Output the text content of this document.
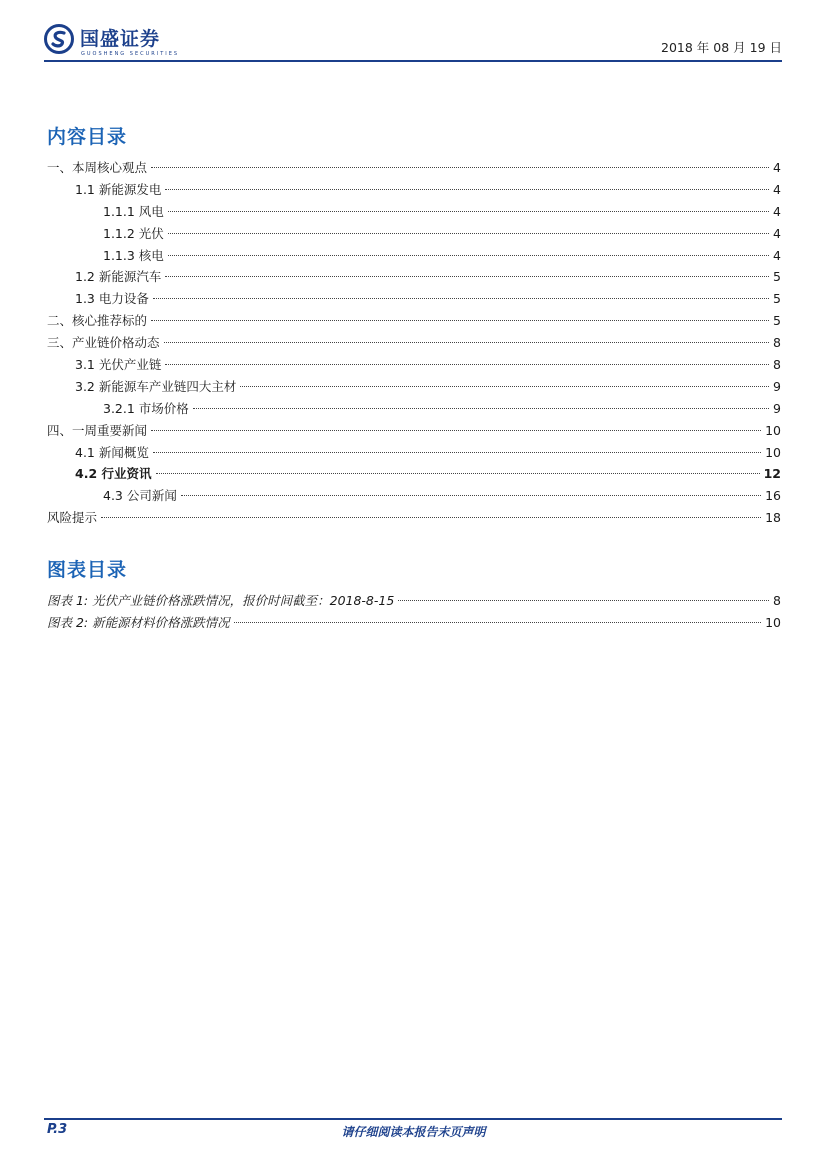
国盛证券
GUOSHENG SECURITIES	2018 年 08 月 19 日
内容目录
一、本周核心观点	4
1.1 新能源发电	4
1.1.1 风电	4
1.1.2 光伏	4
1.1.3 核电	4
1.2 新能源汽车	5
1.3 电力设备	5
二、核心推荐标的	5
三、产业链价格动态	8
3.1 光伏产业链	8
3.2 新能源车产业链四大主材	9
3.2.1 市场价格	9
四、一周重要新闻	10
4.1 新闻概览	10
4.2 行业资讯	12
4.3 公司新闻	16
风险提示	18
图表目录
图表 1: 光伏产业链价格涨跌情况，报价时间截至：2018-8-15	8
图表 2: 新能源材料价格涨跌情况	10
P.3	请仔细阅读本报告末页声明
